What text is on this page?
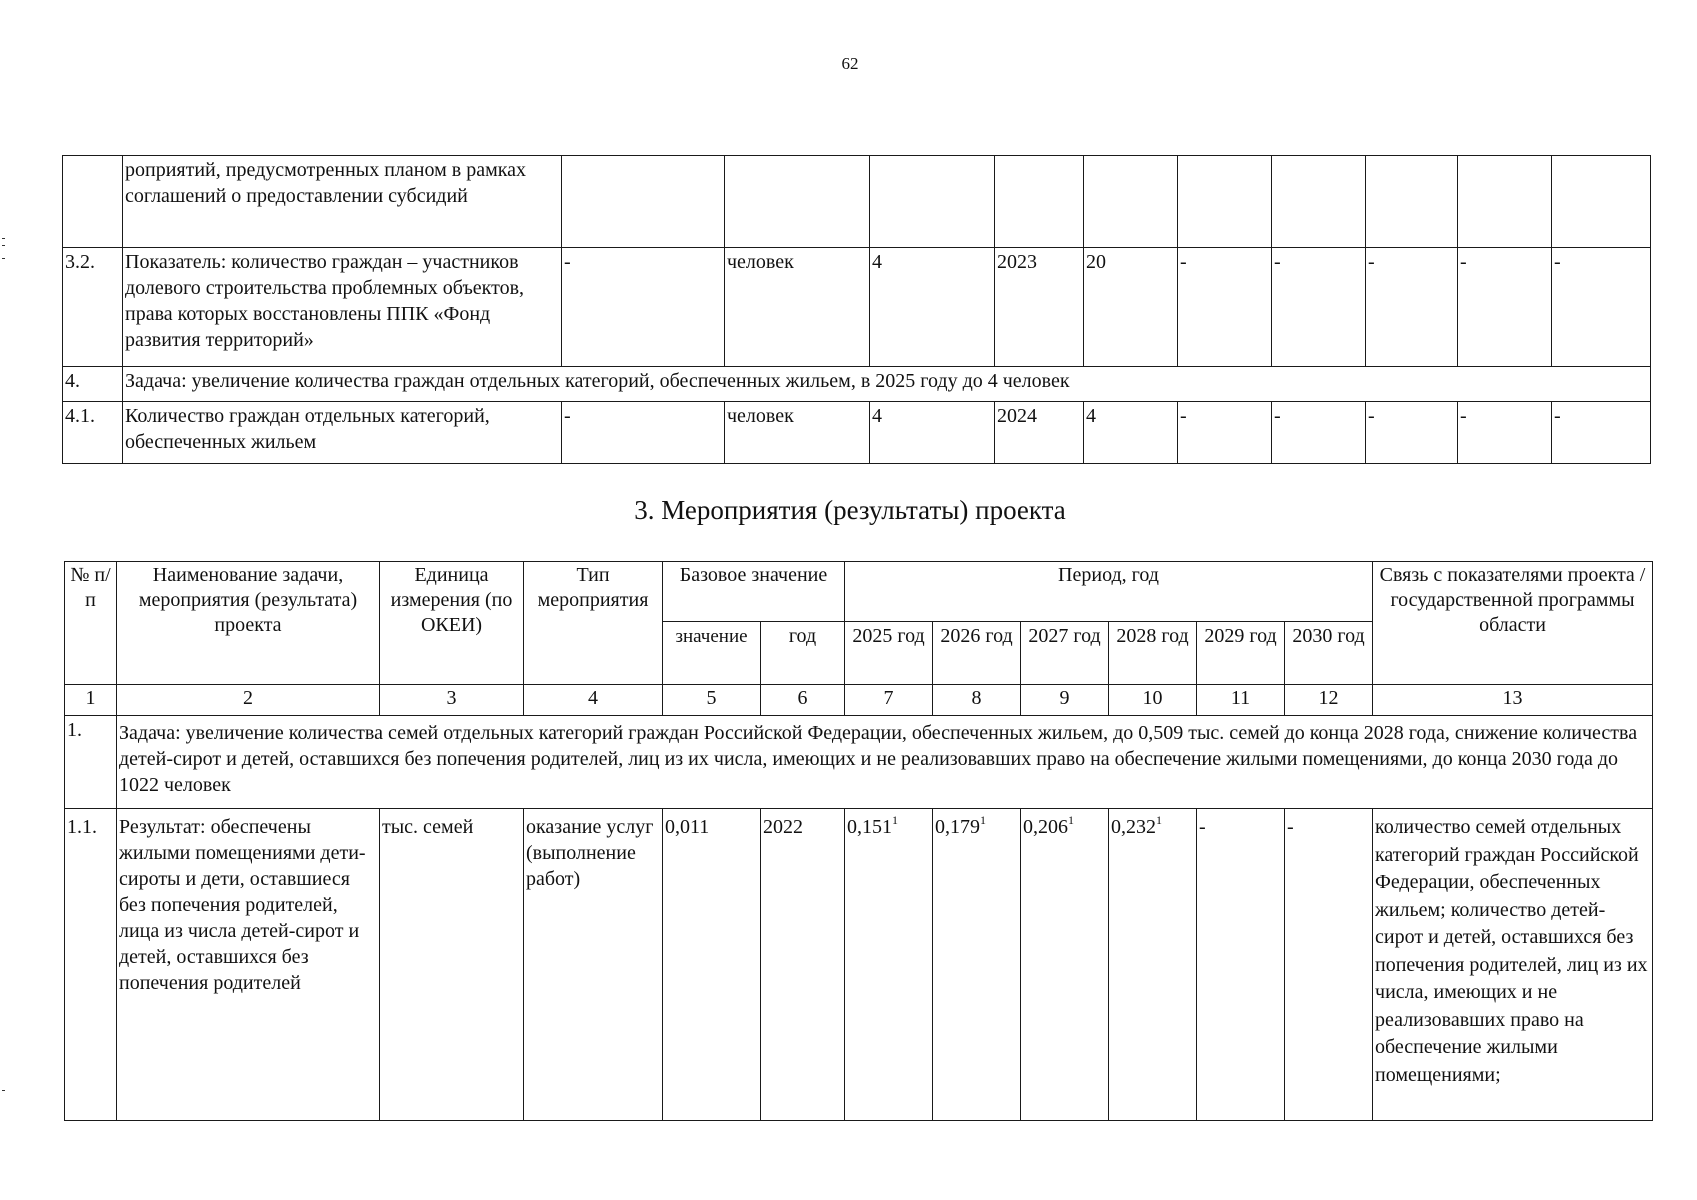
62
	роприятий, предусмотренных планом в рамках соглашений о предоставлении субсидий										
3.2.	Показатель: количество граждан – участников долевого строительства проблемных объектов, права которых восстановлены ППК «Фонд развития территорий»	-	человек	4	2023	20	-	-	-	-	-
4.	Задача: увеличение количества граждан отдельных категорий, обеспеченных жильем, в 2025 году до 4 человек										
4.1.	Количество граждан отдельных категорий, обеспеченных жильем	-	человек	4	2024	4	-	-	-	-	-
3. Мероприятия (результаты) проекта
№ п/п	Наименование задачи, мероприятия (результата) проекта	Единица измерения (по ОКЕИ)	Тип мероприятия	Базовое значение		Период, год						Связь с показателями проекта / государственной программы области
				значение	год	2025 год	2026 год	2027 год	2028 год	2029 год	2030 год	
1	2	3	4	5	6	7	8	9	10	11	12	13
1.	Задача: увеличение количества семей отдельных категорий граждан Российской Федерации, обеспеченных жильем, до 0,509 тыс. семей до конца 2028 года, снижение количества детей-сирот и детей, оставшихся без попечения родителей, лиц из их числа, имеющих и не реализовавших право на обеспечение жилыми помещениями, до конца 2030 года до 1022 человек											
1.1.	Результат: обеспечены жилыми помещениями дети-сироты и дети, оставшиеся без попечения родителей, лица из числа детей-сирот и детей, оставшихся без попечения родителей	тыс. семей	оказание услуг (выполнение работ)	0,011	2022	0,151$^1$	0,179$^1$	0,206$^1$	0,232$^1$	-	-	количество семей отдельных категорий граждан Российской Федерации, обеспеченных жильем; количество детей-сирот и детей, оставшихся без попечения родителей, лиц из их числа, имеющих и не реализовавших право на обеспечение жилыми помещениями;
